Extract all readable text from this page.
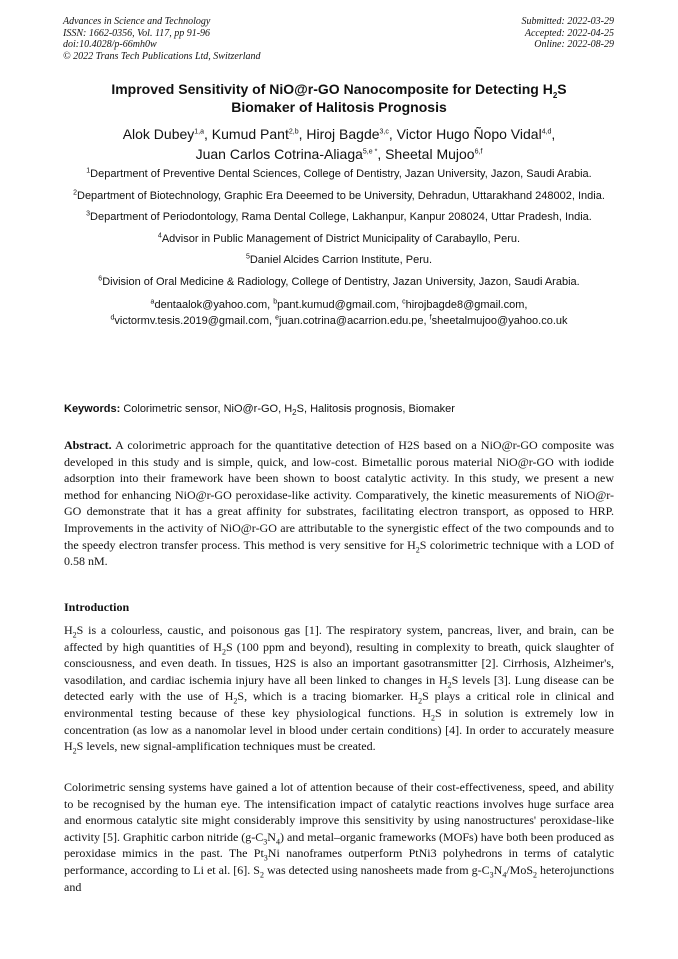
Advances in Science and Technology
ISSN: 1662-0356, Vol. 117, pp 91-96
doi:10.4028/p-66mh0w
© 2022 Trans Tech Publications Ltd, Switzerland
Submitted: 2022-03-29
Accepted: 2022-04-25
Online: 2022-08-29
Improved Sensitivity of NiO@r-GO Nanocomposite for Detecting $H_2S$
Biomaker of Halitosis Prognosis
Alok Dubey$^{1,a}$, Kumud Pant$^{2,b}$, Hiroj Bagde$^{3,c}$, Victor Hugo Ñopo Vidal$^{4,d}$,
Juan Carlos Cotrina-Aliaga$^{5,e *}$, Sheetal Mujoo$^{6,f}$
$^1$Department of Preventive Dental Sciences, College of Dentistry, Jazan University, Jazon, Saudi Arabia.
$^2$Department of Biotechnology, Graphic Era Deeemed to be University, Dehradun, Uttarakhand 248002, India.
$^3$Department of Periodontology, Rama Dental College, Lakhanpur, Kanpur 208024, Uttar Pradesh, India.
$^4$Advisor in Public Management of District Municipality of Carabayllo, Peru.
$^5$Daniel Alcides Carrion Institute, Peru.
$^6$Division of Oral Medicine & Radiology, College of Dentistry, Jazan University, Jazon, Saudi Arabia.
$^a$dentaalok@yahoo.com, $^b$pant.kumud@gmail.com, $^c$hirojbagde8@gmail.com,
$^d$victormv.tesis.2019@gmail.com, $^e$juan.cotrina@acarrion.edu.pe, $^f$sheetalmujoo@yahoo.co.uk
Keywords: Colorimetric sensor, NiO@r-GO, $H_2S$, Halitosis prognosis, Biomaker
Abstract. A colorimetric approach for the quantitative detection of H2S based on a NiO@r-GO composite was developed in this study and is simple, quick, and low-cost. Bimetallic porous material NiO@r-GO with iodide adsorption into their framework have been shown to boost catalytic activity. In this study, we present a new method for enhancing NiO@r-GO peroxidase-like activity. Comparatively, the kinetic measurements of NiO@r-GO demonstrate that it has a great affinity for substrates, facilitating electron transport, as opposed to HRP. Improvements in the activity of NiO@r-GO are attributable to the synergistic effect of the two compounds and to the speedy electron transfer process. This method is very sensitive for $H_2S$ colorimetric technique with a LOD of 0.58 nM.
Introduction
$H_2S$ is a colourless, caustic, and poisonous gas [1]. The respiratory system, pancreas, liver, and brain, can be affected by high quantities of $H_2S$ (100 ppm and beyond), resulting in complexity to breath, quick slaughter of consciousness, and even death. In tissues, H2S is also an important gasotransmitter [2]. Cirrhosis, Alzheimer's, vasodilation, and cardiac ischemia injury have all been linked to changes in $H_2S$ levels [3]. Lung disease can be detected early with the use of $H_2S$, which is a tracing biomarker. $H_2S$ plays a critical role in clinical and environmental testing because of these key physiological functions. $H_2S$ in solution is extremely low in concentration (as low as a nanomolar level in blood under certain conditions) [4]. In order to accurately measure $H_2S$ levels, new signal-amplification techniques must be created.
Colorimetric sensing systems have gained a lot of attention because of their cost-effectiveness, speed, and ability to be recognised by the human eye. The intensification impact of catalytic reactions involves huge surface area and enormous catalytic site might considerably improve this sensitivity by using nanostructures' peroxidase-like activity [5]. Graphitic carbon nitride $(g-C_3N_4)$ and metal–organic frameworks (MOFs) have both been produced as peroxidase mimics in the past. The $Pt_3Ni$ nanoframes outperform PtNi3 polyhedrons in terms of catalytic performance, according to Li et al. [6]. $S_2$ was detected using nanosheets made from $g-C_3N_4/MoS_2$ heterojunctions and
